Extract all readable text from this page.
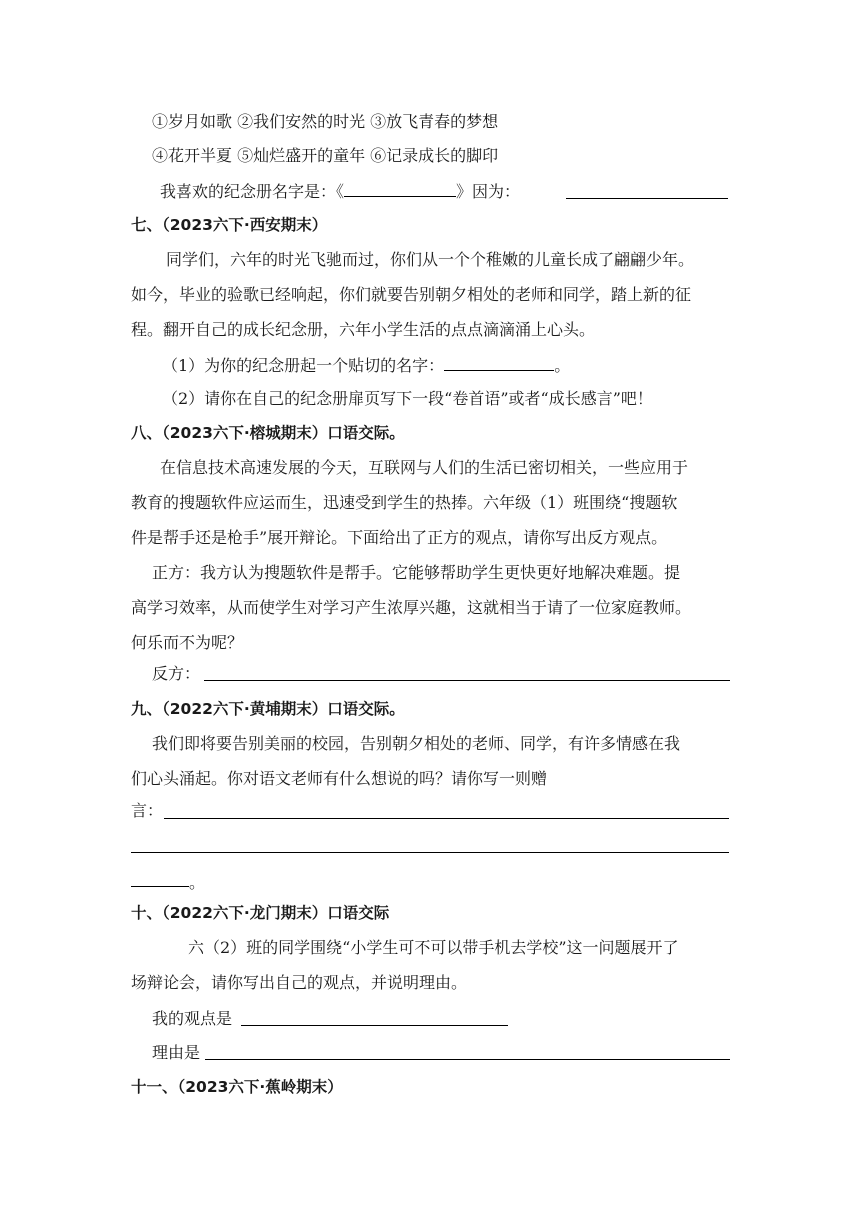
①岁月如歌 ②我们安然的时光 ③放飞青春的梦想
④花开半夏 ⑤灿烂盛开的童年 ⑥记录成长的脚印
我喜欢的纪念册名字是：《	》因为：
七、（2023六下·西安期末）
同学们，六年的时光飞驰而过，你们从一个个稚嫩的儿童长成了翩翩少年。
如今，毕业的验歌已经响起，你们就要告别朝夕相处的老师和同学，踏上新的征
程。翻开自己的成长纪念册，六年小学生活的点点滴滴涌上心头。
（1）为你的纪念册起一个贴切的名字：	。
（2）请你在自己的纪念册扉页写下一段“卷首语”或者“成长感言”吧！
八、（2023六下·榕城期末）口语交际。
在信息技术高速发展的今天，互联网与人们的生活已密切相关，一些应用于
教育的搜题软件应运而生，迅速受到学生的热捧。六年级（1）班围绕“搜题软
件是帮手还是枪手”展开辩论。下面给出了正方的观点，请你写出反方观点。
正方：我方认为搜题软件是帮手。它能够帮助学生更快更好地解决难题。提
高学习效率，从而使学生对学习产生浓厚兴趣，这就相当于请了一位家庭教师。
何乐而不为呢？
反方：
九、（2022六下·黄埔期末）口语交际。
我们即将要告别美丽的校园，告别朝夕相处的老师、同学，有许多情感在我
们心头涌起。你对语文老师有什么想说的吗？请你写一则赠
言：
。
十、（2022六下·龙门期末）口语交际
六（2）班的同学围绕“小学生可不可以带手机去学校”这一问题展开了
场辩论会，请你写出自己的观点，并说明理由。
我的观点是
理由是
十一、（2023六下·蕉岭期末）
